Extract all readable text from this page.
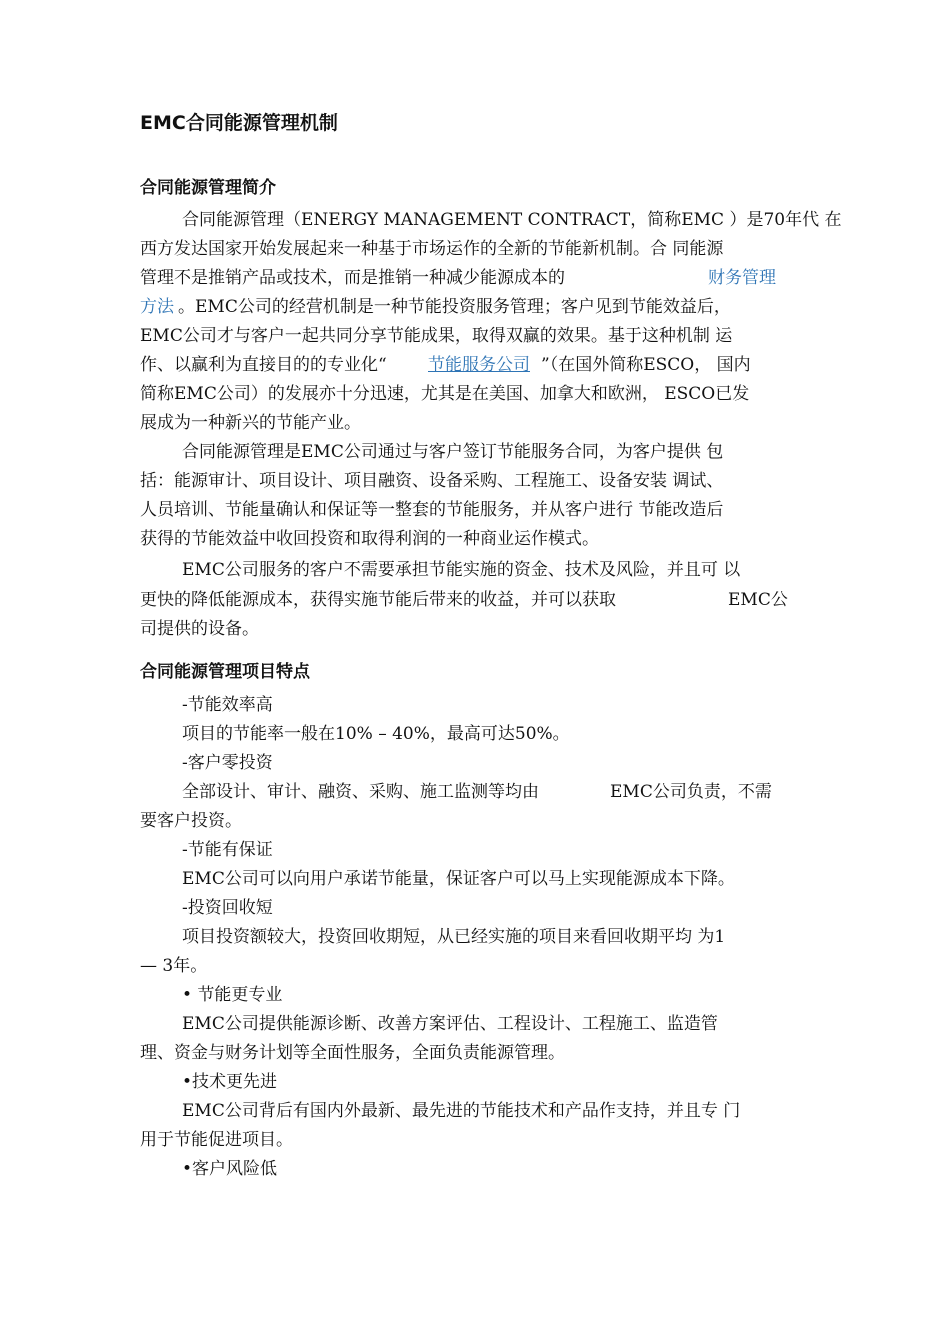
EMC合同能源管理机制
合同能源管理简介
合同能源管理（ENERGY MANAGEMENT CONTRACT，简称EMC ）是70年代 在
西方发达国家开始发展起来一种基于市场运作的全新的节能新机制。合 同能源
管理不是推销产品或技术，而是推销一种减少能源成本的	财务管理
方法 。EMC公司的经营机制是一种节能投资服务管理；客户见到节能效益后，
EMC公司才与客户一起共同分享节能成果，取得双赢的效果。基于这种机制 运
作、以赢利为直接目的的专业化“ 节能服务公司 ”（在国外简称ESCO， 国内
简称EMC公司）的发展亦十分迅速，尤其是在美国、加拿大和欧洲， ESCO已发
展成为一种新兴的节能产业。
合同能源管理是EMC公司通过与客户签订节能服务合同，为客户提供 包
括：能源审计、项目设计、项目融资、设备采购、工程施工、设备安装 调试、
人员培训、节能量确认和保证等一整套的节能服务，并从客户进行 节能改造后
获得的节能效益中收回投资和取得利润的一种商业运作模式。
EMC公司服务的客户不需要承担节能实施的资金、技术及风险，并且可 以
更快的降低能源成本，获得实施节能后带来的收益，并可以获取	EMC公
司提供的设备。
合同能源管理项目特点
-节能效率高
项目的节能率一般在10% – 40%，最高可达50%。
-客户零投资
全部设计、审计、融资、采购、施工监测等均由	EMC公司负责，不需
要客户投资。
-节能有保证
EMC公司可以向用户承诺节能量，保证客户可以马上实现能源成本下降。
-投资回收短
项目投资额较大，投资回收期短，从已经实施的项目来看回收期平均 为1
— 3年。
• 节能更专业
EMC公司提供能源诊断、改善方案评估、工程设计、工程施工、监造管
理、资金与财务计划等全面性服务，全面负责能源管理。
•技术更先进
EMC公司背后有国内外最新、最先进的节能技术和产品作支持，并且专 门
用于节能促进项目。
•客户风险低
